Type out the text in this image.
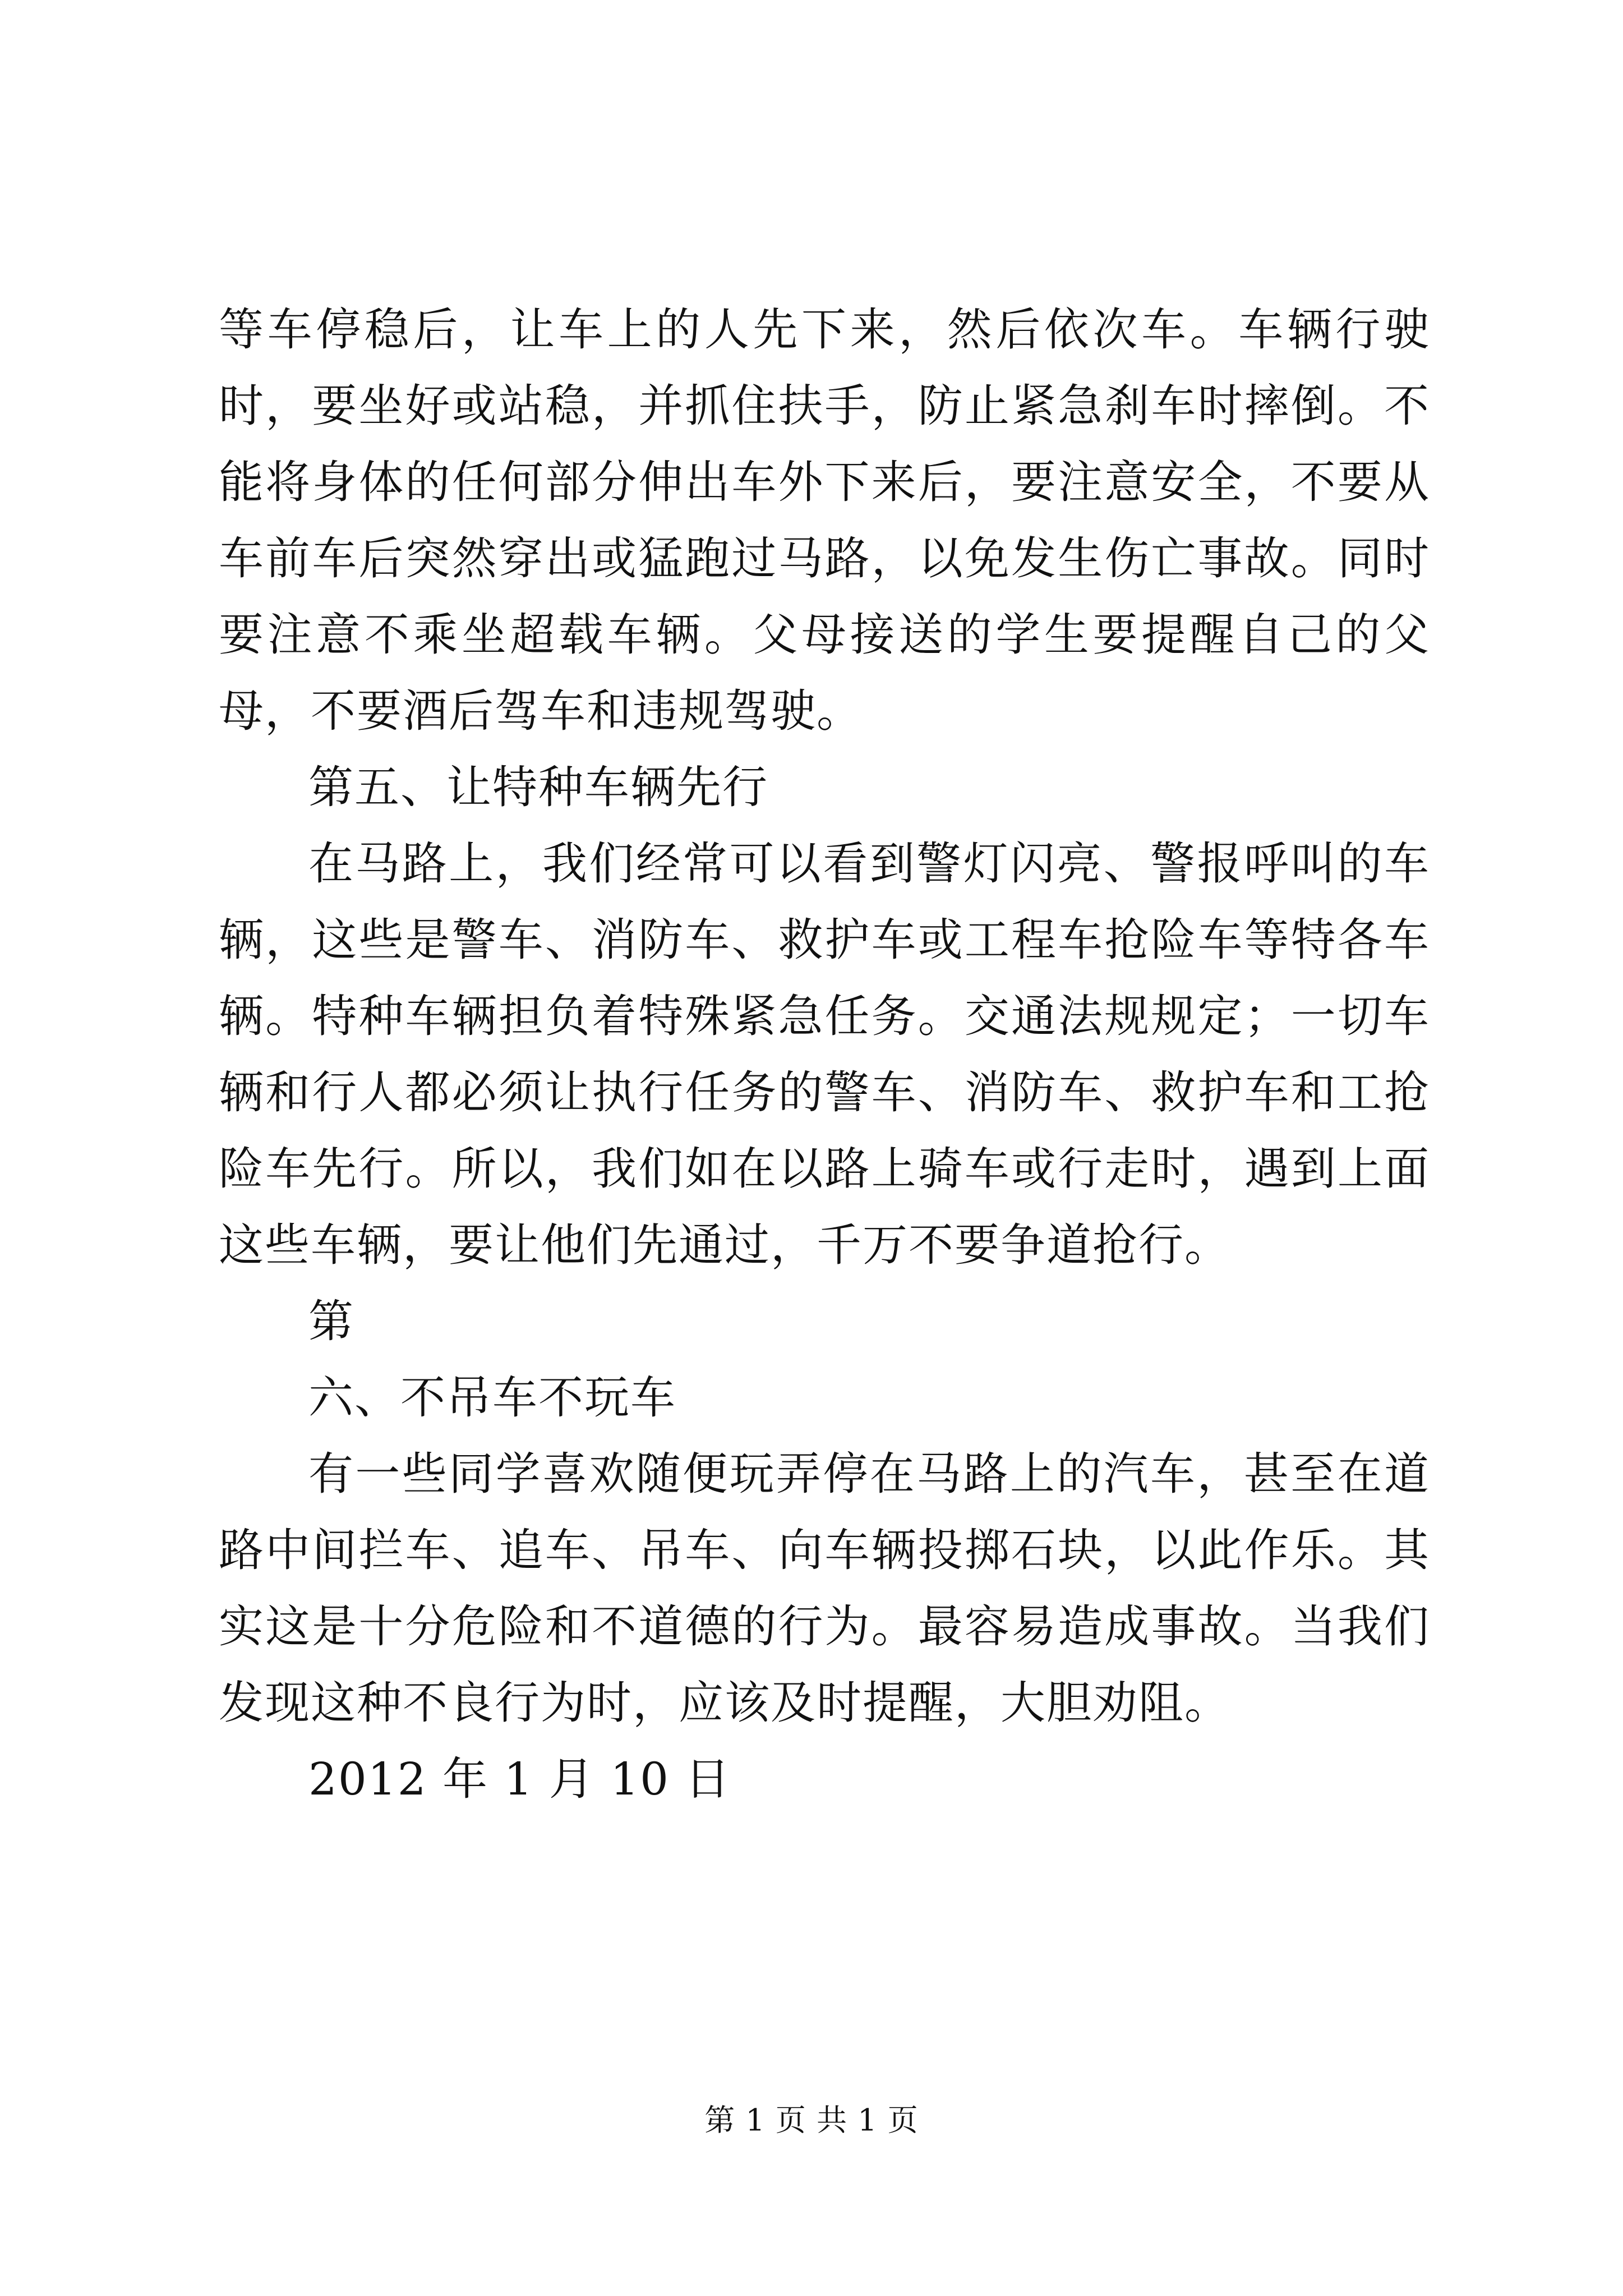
等车停稳后，让车上的人先下来，然后依次车。车辆行驶时，要坐好或站稳，并抓住扶手，防止紧急刹车时摔倒。不能将身体的任何部分伸出车外下来后，要注意安全，不要从车前车后突然穿出或猛跑过马路，以免发生伤亡事故。同时要注意不乘坐超载车辆。父母接送的学生要提醒自己的父母，不要酒后驾车和违规驾驶。

第五、让特种车辆先行

在马路上，我们经常可以看到警灯闪亮、警报呼叫的车辆，这些是警车、消防车、救护车或工程车抢险车等特各车辆。特种车辆担负着特殊紧急任务。交通法规规定；一切车辆和行人都必须让执行任务的警车、消防车、救护车和工抢险车先行。所以，我们如在以路上骑车或行走时，遇到上面这些车辆，要让他们先通过，千万不要争道抢行。

第

六、不吊车不玩车

有一些同学喜欢随便玩弄停在马路上的汽车，甚至在道路中间拦车、追车、吊车、向车辆投掷石块，以此作乐。其实这是十分危险和不道德的行为。最容易造成事故。当我们发现这种不良行为时，应该及时提醒，大胆劝阻。

2012 年 1 月 10 日

第 1 页 共 1 页
